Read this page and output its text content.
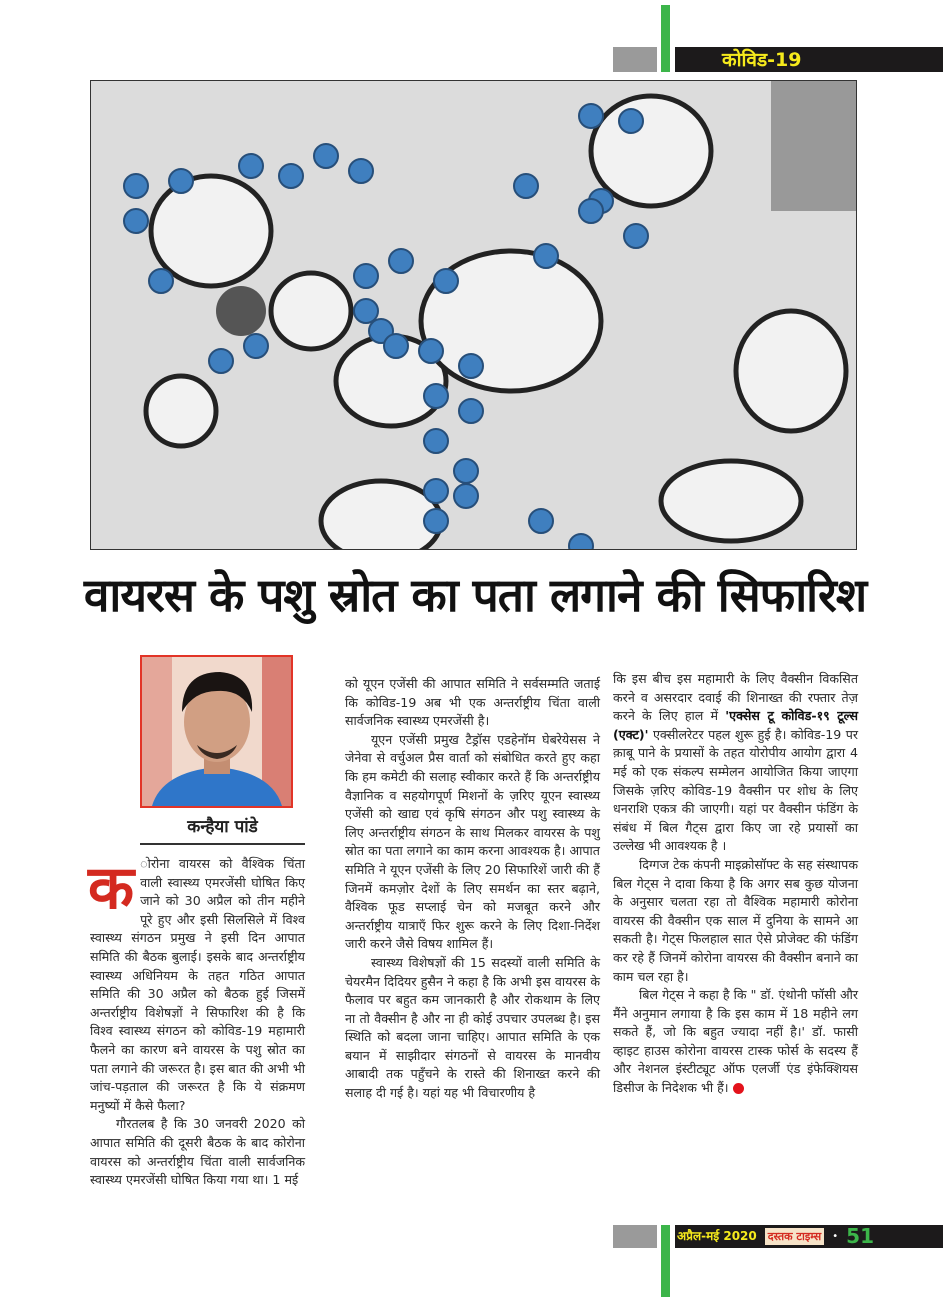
कोविड-19
वायरस के पशु स्रोत का पता लगाने की सिफारिश
कन्हैया पांडे

क ोरोना वायरस को वैश्विक चिंता वाली स्वास्थ्य एमरजेंसी घोषित किए जाने को 30 अप्रैल को तीन महीने पूरे हुए और इसी सिलसिले में विश्व स्वास्थ्य संगठन प्रमुख ने इसी दिन आपात समिति की बैठक बुलाई। इसके बाद अन्तर्राष्ट्रीय स्वास्थ्य अधिनियम के तहत गठित आपात समिति की 30 अप्रैल को बैठक हुई जिसमें अन्तर्राष्ट्रीय विशेषज्ञों ने सिफारिश की है कि विश्व स्वास्थ्य संगठन को कोविड-19 महामारी फैलने का कारण बने वायरस के पशु स्रोत का पता लगाने की जरूरत है। इस बात की अभी भी जांच-पड़ताल की जरूरत है कि ये संक्रमण मनुष्यों में कैसे फैला?

गौरतलब है कि 30 जनवरी 2020 को आपात समिति की दूसरी बैठक के बाद कोरोना वायरस को अन्तर्राष्ट्रीय चिंता वाली सार्वजनिक स्वास्थ्य एमरजेंसी घोषित किया गया था। 1 मई

को यूएन एजेंसी की आपात समिति ने सर्वसम्मति जताई कि कोविड-19 अब भी एक अन्तर्राष्ट्रीय चिंता वाली सार्वजनिक स्वास्थ्य एमरजेंसी है।

यूएन एजेंसी प्रमुख टैड्रॉस एडहेनॉम घेबरेयेसस ने जेनेवा से वर्चुअल प्रैस वार्ता को संबोधित करते हुए कहा कि हम कमेटी की सलाह स्वीकार करते हैं कि अन्तर्राष्ट्रीय वैज्ञानिक व सहयोगपूर्ण मिशनों के ज़रिए यूएन स्वास्थ्य एजेंसी को खाद्य एवं कृषि संगठन और पशु स्वास्थ्य के लिए अन्तर्राष्ट्रीय संगठन के साथ मिलकर वायरस के पशु स्रोत का पता लगाने का काम करना आवश्यक है। आपात समिति ने यूएन एजेंसी के लिए 20 सिफारिशें जारी की हैं जिनमें कमज़ोर देशों के लिए समर्थन का स्तर बढ़ाने, वैश्विक फूड सप्लाई चेन को मजबूत करने और अन्तर्राष्ट्रीय यात्राएँ फिर शुरू करने के लिए दिशा-निर्देश जारी करने जैसे विषय शामिल हैं।

स्वास्थ्य विशेषज्ञों की 15 सदस्यों वाली समिति के चेयरमैन दिदियर हुसैन ने कहा है कि अभी इस वायरस के फैलाव पर बहुत कम जानकारी है और रोकथाम के लिए ना तो वैक्सीन है और ना ही कोई उपचार उपलब्ध है। इस स्थिति को बदला जाना चाहिए। आपात समिति के एक बयान में साझीदार संगठनों से वायरस के मानवीय आबादी तक पहुँचने के रास्ते की शिनाख्त करने की सलाह दी गई है। यहां यह भी विचारणीय है

कि इस बीच इस महामारी के लिए वैक्सीन विकसित करने व असरदार दवाई की शिनाख्त की रफ्तार तेज़ करने के लिए हाल में 'एक्सेस टू कोविड-१९ टूल्स (एक्ट)' एक्सीलरेटर पहल शुरू हुई है। कोविड-19 पर क़ाबू पाने के प्रयासों के तहत योरोपीय आयोग द्वारा 4 मई को एक संकल्प सम्मेलन आयोजित किया जाएगा जिसके ज़रिए कोविड-19 वैक्सीन पर शोध के लिए धनराशि एकत्र की जाएगी। यहां पर वैक्सीन फंडिंग के संबंध में बिल गैट्स द्वारा किए जा रहे प्रयासों का उल्लेख भी आवश्यक है ।

दिग्गज टेक कंपनी माइक्रोसॉफ्ट के सह संस्थापक बिल गेट्स ने दावा किया है कि अगर सब कुछ योजना के अनुसार चलता रहा तो वैश्विक महामारी कोरोना वायरस की वैक्सीन एक साल में दुनिया के सामने आ सकती है। गेट्स फिलहाल सात ऐसे प्रोजेक्ट की फंडिंग कर रहे हैं जिनमें कोरोना वायरस की वैक्सीन बनाने का काम चल रहा है।

बिल गेट्स ने कहा है कि " डॉ. एंथोनी फॉसी और मैंने अनुमान लगाया है कि इस काम में 18 महीने लग सकते हैं, जो कि बहुत ज्यादा नहीं है।' डॉ. फासी व्हाइट हाउस कोरोना वायरस टास्क फोर्स के सदस्य हैं और नेशनल इंस्टीट्यूट ऑफ एलर्जी एंड इंफेक्शियस डिसीज के निदेशक भी हैं।

अप्रैल-मई 2020 दस्तक टाइम्स	• 51
